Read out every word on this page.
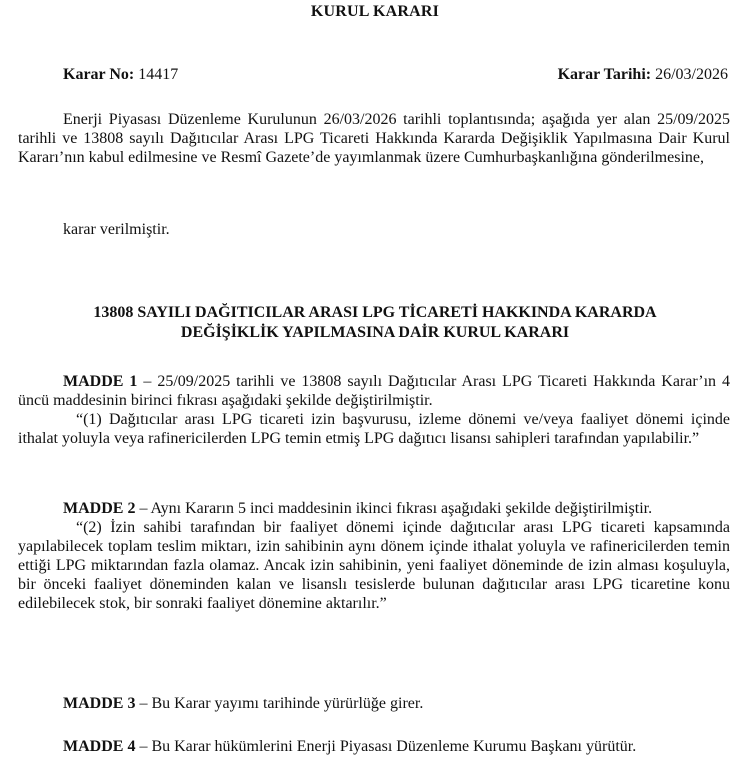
KURUL KARARI
Karar No: 14417	Karar Tarihi: 26/03/2026

Enerji Piyasası Düzenleme Kurulunun 26/03/2026 tarihli toplantısında; aşağıda yer alan 25/09/2025 tarihli ve 13808 sayılı Dağıtıcılar Arası LPG Ticareti Hakkında Kararda Değişiklik Yapılmasına Dair Kurul Kararı’nın kabul edilmesine ve Resmî Gazete’de yayımlanmak üzere Cumhurbaşkanlığına gönderilmesine,

karar verilmiştir.
13808 SAYILI DAĞITICILAR ARASI LPG TİCARETİ HAKKINDA KARARDA
DEĞİŞİKLİK YAPILMASINA DAİR KURUL KARARI

MADDE 1 – 25/09/2025 tarihli ve 13808 sayılı Dağıtıcılar Arası LPG Ticareti Hakkında Karar’ın 4 üncü maddesinin birinci fıkrası aşağıdaki şekilde değiştirilmiştir.

“(1) Dağıtıcılar arası LPG ticareti izin başvurusu, izleme dönemi ve/veya faaliyet dönemi içinde ithalat yoluyla veya rafinericilerden LPG temin etmiş LPG dağıtıcı lisansı sahipleri tarafından yapılabilir.”

MADDE 2 – Aynı Kararın 5 inci maddesinin ikinci fıkrası aşağıdaki şekilde değiştirilmiştir.

“(2) İzin sahibi tarafından bir faaliyet dönemi içinde dağıtıcılar arası LPG ticareti kapsamında yapılabilecek toplam teslim miktarı, izin sahibinin aynı dönem içinde ithalat yoluyla ve rafinericilerden temin ettiği LPG miktarından fazla olamaz. Ancak izin sahibinin, yeni faaliyet döneminde de izin alması koşuluyla, bir önceki faaliyet döneminden kalan ve lisanslı tesislerde bulunan dağıtıcılar arası LPG ticaretine konu edilebilecek stok, bir sonraki faaliyet dönemine aktarılır.”

MADDE 3 – Bu Karar yayımı tarihinde yürürlüğe girer.

MADDE 4 – Bu Karar hükümlerini Enerji Piyasası Düzenleme Kurumu Başkanı yürütür.
